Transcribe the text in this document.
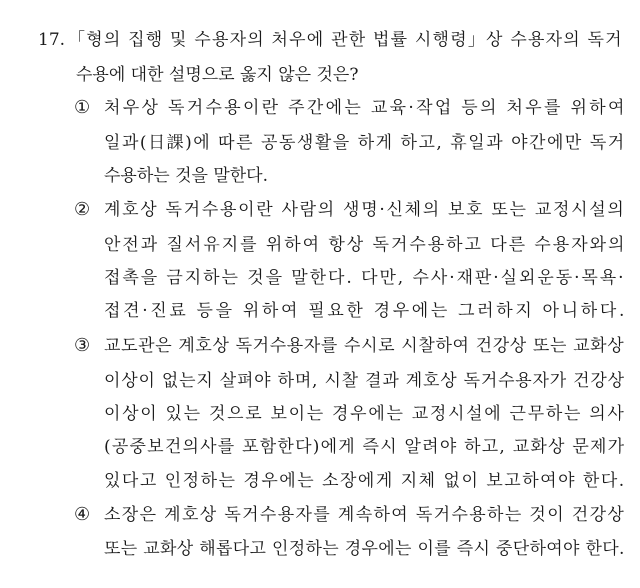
17. 「형의 집행 및 수용자의 처우에 관한 법률 시행령」상 수용자의 독거
수용에 대한 설명으로 옳지 않은 것은?
① 처우상 독거수용이란 주간에는 교육·작업 등의 처우를 위하여
일과(日課)에 따른 공동생활을 하게 하고, 휴일과 야간에만 독거
수용하는 것을 말한다.
② 계호상 독거수용이란 사람의 생명·신체의 보호 또는 교정시설의
안전과 질서유지를 위하여 항상 독거수용하고 다른 수용자와의
접촉을 금지하는 것을 말한다. 다만, 수사·재판·실외운동·목욕·
접견·진료 등을 위하여 필요한 경우에는 그러하지 아니하다.
③ 교도관은 계호상 독거수용자를 수시로 시찰하여 건강상 또는 교화상
이상이 없는지 살펴야 하며, 시찰 결과 계호상 독거수용자가 건강상
이상이 있는 것으로 보이는 경우에는 교정시설에 근무하는 의사
(공중보건의사를 포함한다)에게 즉시 알려야 하고, 교화상 문제가
있다고 인정하는 경우에는 소장에게 지체 없이 보고하여야 한다.
④ 소장은 계호상 독거수용자를 계속하여 독거수용하는 것이 건강상
또는 교화상 해롭다고 인정하는 경우에는 이를 즉시 중단하여야 한다.
